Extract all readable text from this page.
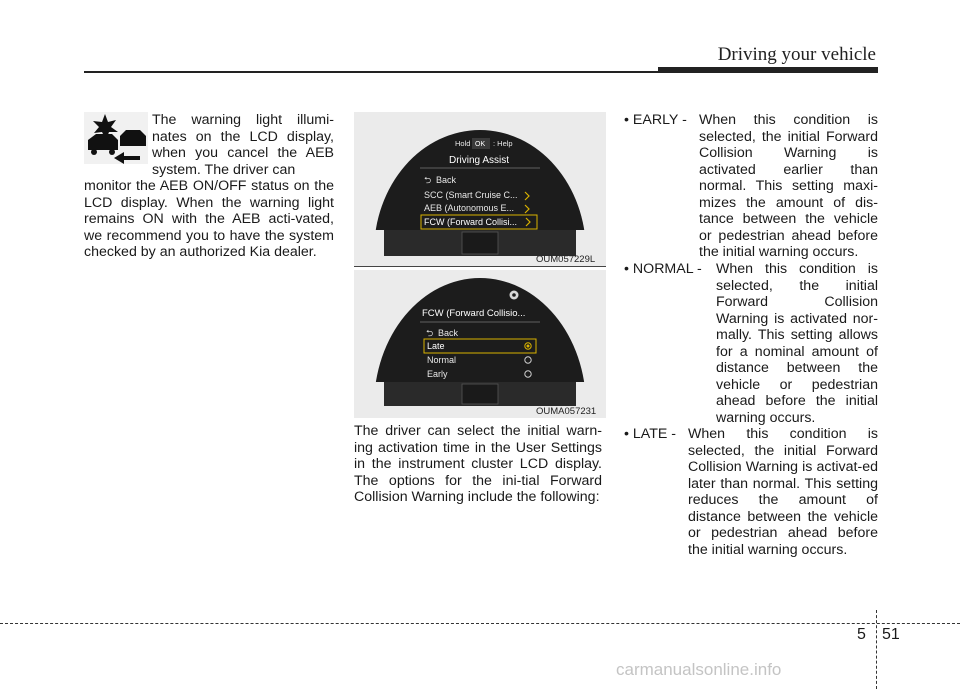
Driving your vehicle
The warning light illumi-nates on the LCD display, when you cancel the AEB system. The driver can
monitor the AEB ON/OFF status on the LCD display. When the warning light remains ON with the AEB acti-vated, we recommend you to have the system checked by an authorized Kia dealer.
Hold OK : Help
Driving Assist
⮌ Back
SCC (Smart Cruise C...
AEB (Autonomous E...
FCW (Forward Collisi...
OUM057229L
FCW (Forward Collisio...
⮌ Back
Late
Normal
Early
OUMA057231
The driver can select the initial warn-ing activation time in the User Settings in the instrument cluster LCD display. The options for the ini-tial Forward Collision Warning include the following:
• EARLY - When this condition is selected, the initial Forward Collision Warning is activated earlier than normal. This setting maxi-mizes the amount of dis-tance between the vehicle or pedestrian ahead before the initial warning occurs.
• NORMAL - When this condition is selected, the initial Forward Collision Warning is activated nor-mally. This setting allows for a nominal amount of distance between the vehicle or pedestrian ahead before the initial warning occurs.
• LATE - When this condition is selected, the initial Forward Collision Warning is activat-ed later than normal. This setting reduces the amount of distance between the vehicle or pedestrian ahead before the initial warning occurs.
5 51
carmanualsonline.info
